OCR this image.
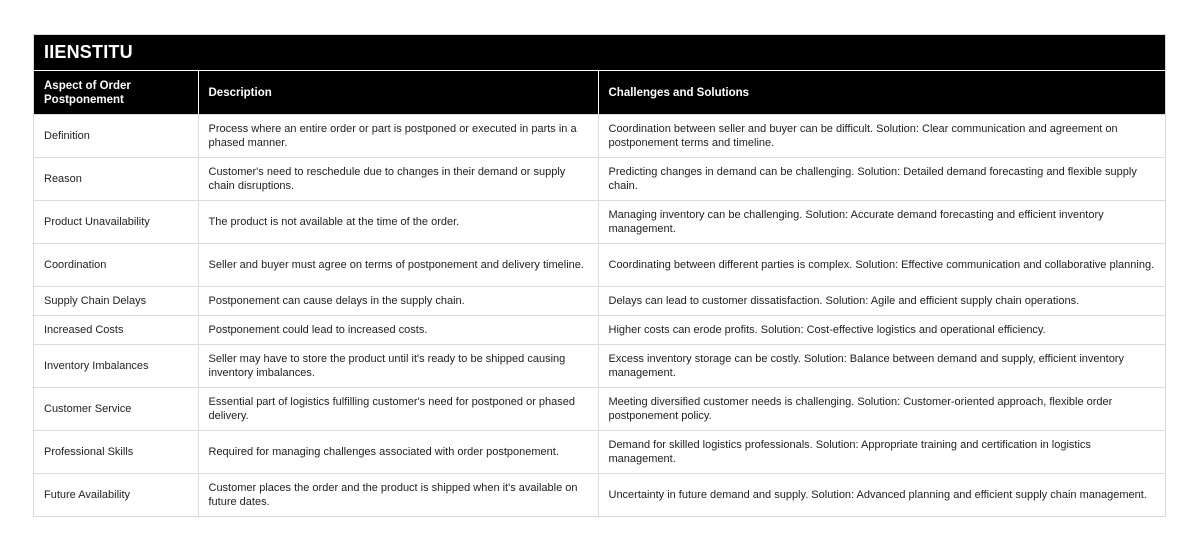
IIENSTITU
Aspect of Order Postponement	Description	Challenges and Solutions
Definition	Process where an entire order or part is postponed or executed in parts in a phased manner.	Coordination between seller and buyer can be difficult. Solution: Clear communication and agreement on postponement terms and timeline.
Reason	Customer's need to reschedule due to changes in their demand or supply chain disruptions.	Predicting changes in demand can be challenging. Solution: Detailed demand forecasting and flexible supply chain.
Product Unavailability	The product is not available at the time of the order.	Managing inventory can be challenging. Solution: Accurate demand forecasting and efficient inventory management.
Coordination	Seller and buyer must agree on terms of postponement and delivery timeline.	Coordinating between different parties is complex. Solution: Effective communication and collaborative planning.
Supply Chain Delays	Postponement can cause delays in the supply chain.	Delays can lead to customer dissatisfaction. Solution: Agile and efficient supply chain operations.
Increased Costs	Postponement could lead to increased costs.	Higher costs can erode profits. Solution: Cost-effective logistics and operational efficiency.
Inventory Imbalances	Seller may have to store the product until it's ready to be shipped causing inventory imbalances.	Excess inventory storage can be costly. Solution: Balance between demand and supply, efficient inventory management.
Customer Service	Essential part of logistics fulfilling customer's need for postponed or phased delivery.	Meeting diversified customer needs is challenging. Solution: Customer-oriented approach, flexible order postponement policy.
Professional Skills	Required for managing challenges associated with order postponement.	Demand for skilled logistics professionals. Solution: Appropriate training and certification in logistics management.
Future Availability	Customer places the order and the product is shipped when it's available on future dates.	Uncertainty in future demand and supply. Solution: Advanced planning and efficient supply chain management.
